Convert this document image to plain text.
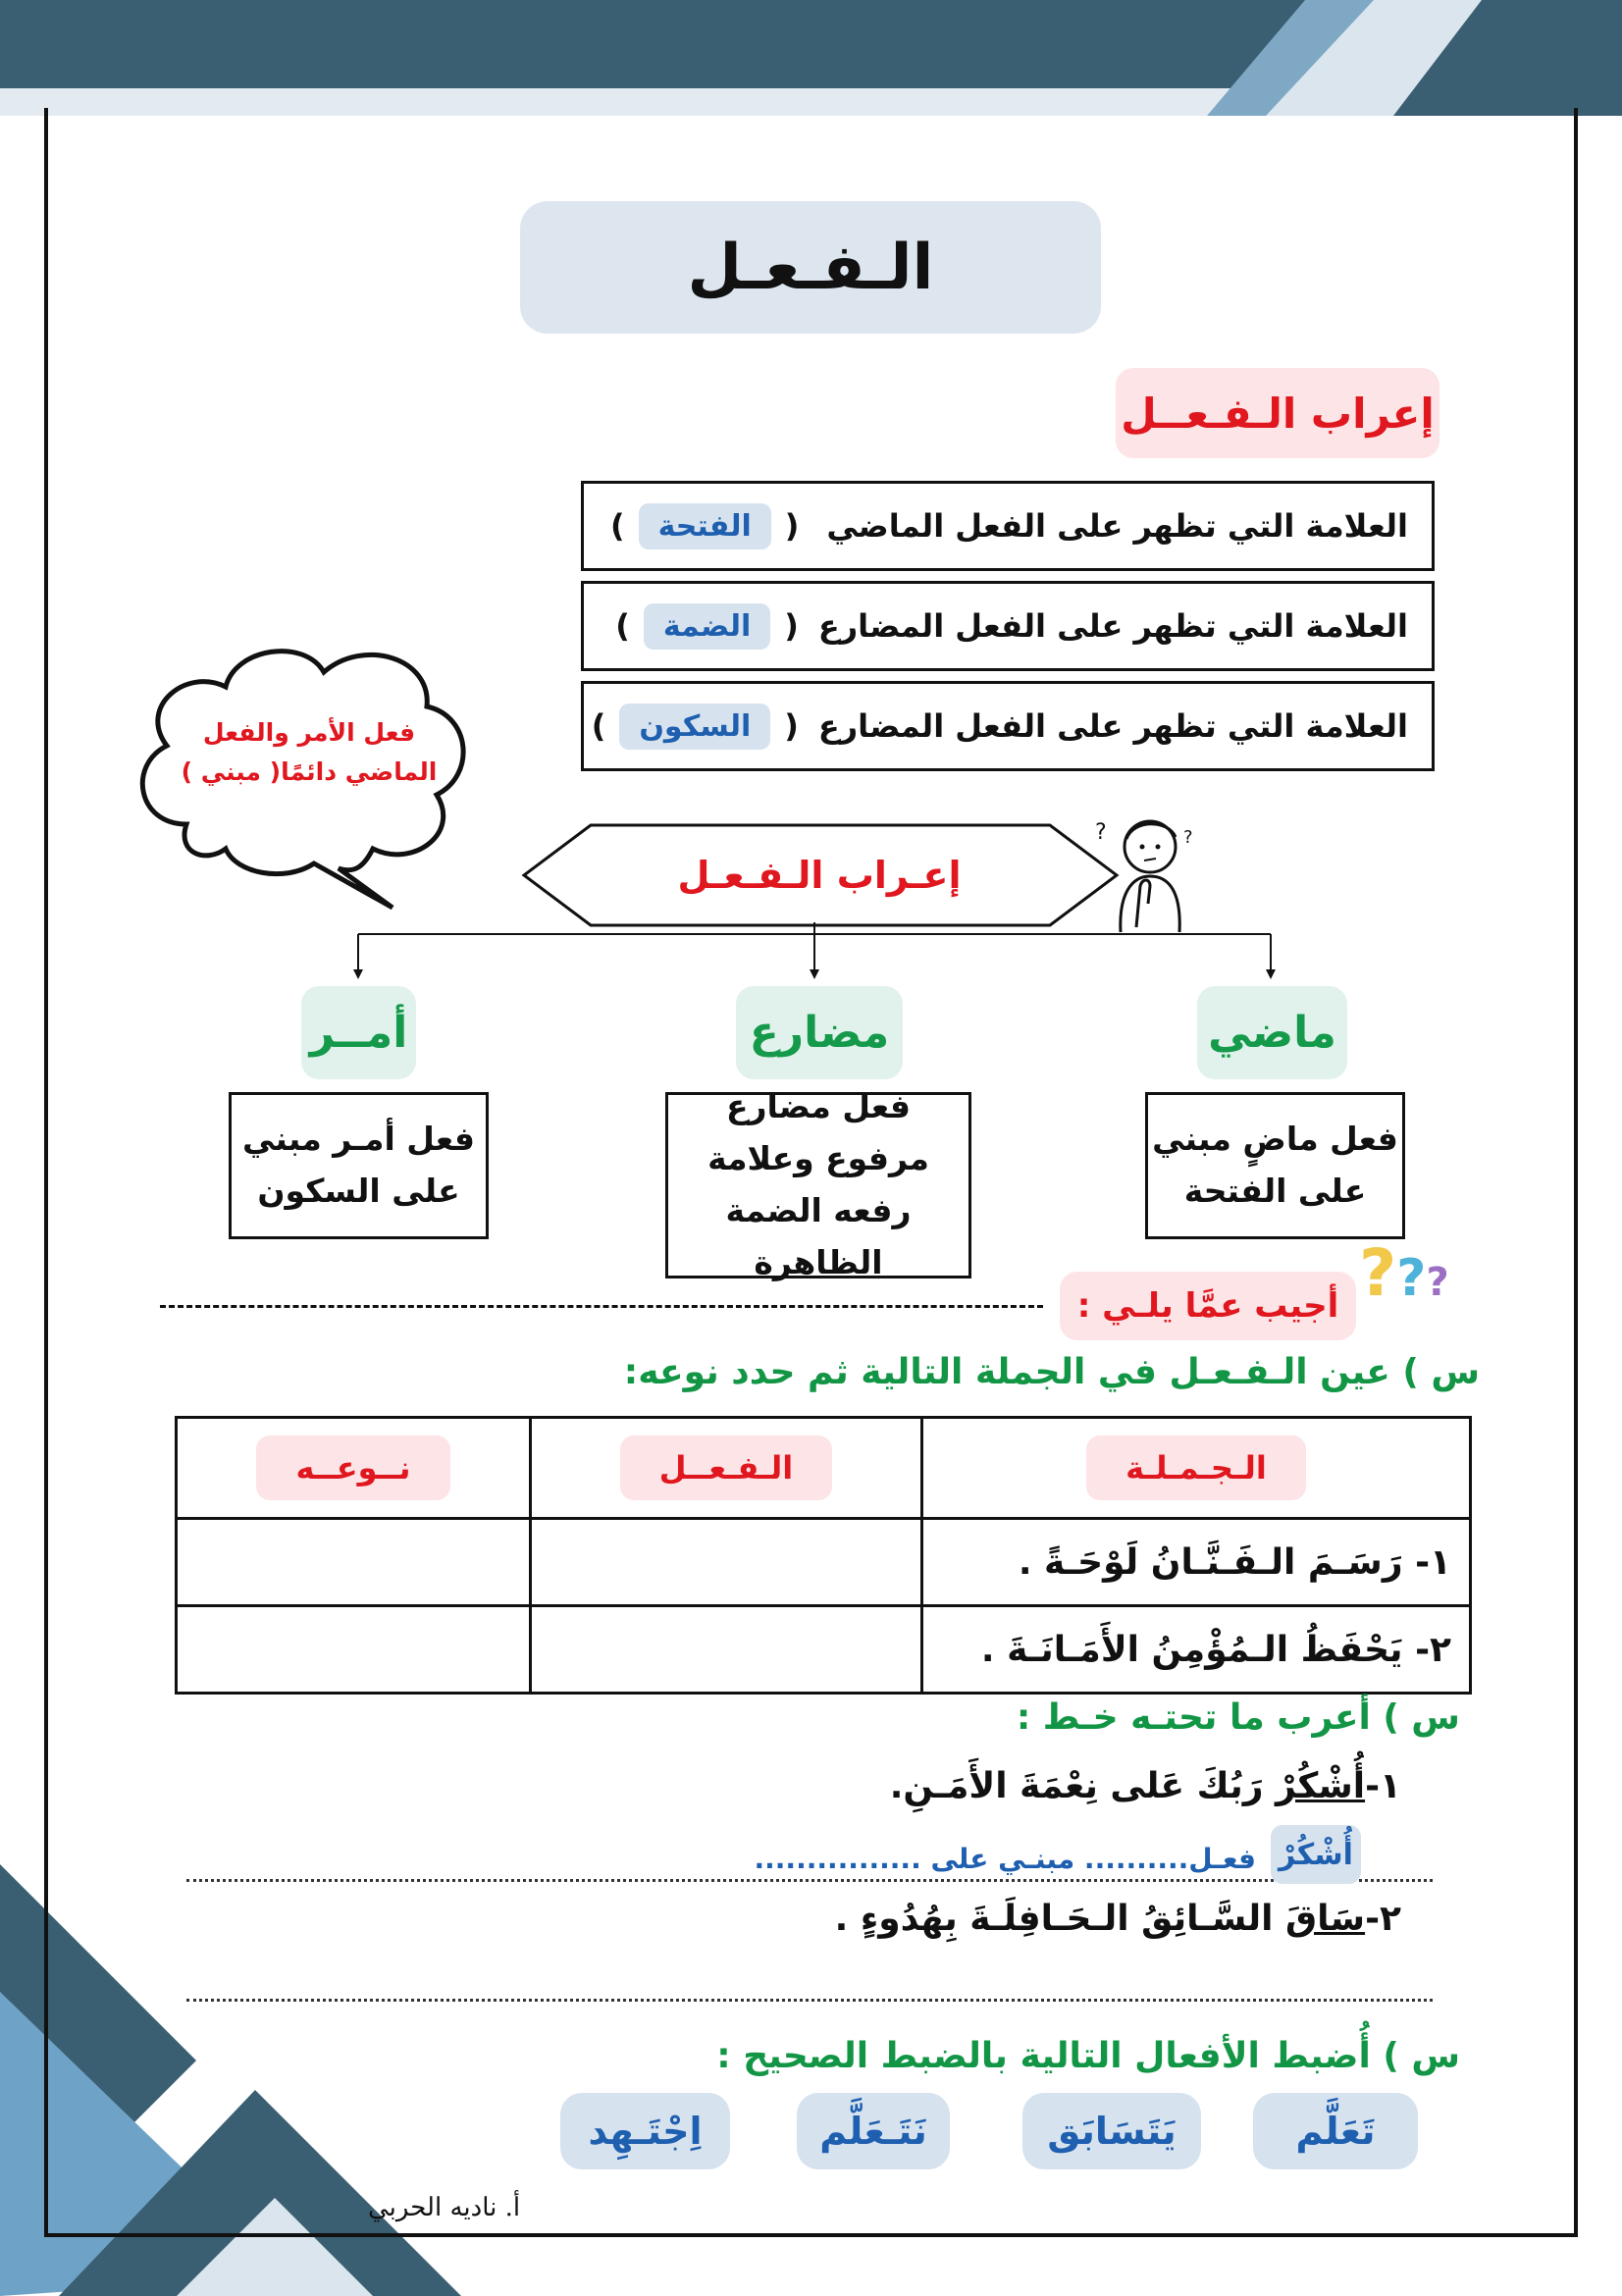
الـفـعـل
إعراب الـفـعــل
العلامة التي تظهر على الفعل الماضي
(
الفتحة
)
العلامة التي تظهر على الفعل المضارع
(
الضمة
)
العلامة التي تظهر على الفعل المضارع
(
السكون
)
فعل الأمر والفعل الماضي دائمًا( مبني )
?	?
إعـراب الـفـعـل
ماضي
مضارع
أمــر
فعل ماضٍ مبني على الفتحة
فعل مضارع مرفوع وعلامة رفعه الضمة الظاهرة
فعل أمـر مبني على السكون
أجيب عمَّا يلـي : ???
س ) عين الـفـعـل في الجملة التالية ثم حدد نوعه:
الـجـمـلـة	الـفـعــل	نــوعــه
١- رَسَـمَ الـفَـنَّـانُ لَوْحَـةً .		
٢- يَحْفَظُ الـمُؤْمِنُ الأَمَـانَـةَ .		
س ) أعرب ما تحتـه خـط :
١-أُشْكُرْ رَبُكَ عَلى نِعْمَةَ الأَمَـنِ.
أُشْكُرْ
فعـل.......... مبنـي على ................
٢-سَاقَ السَّـائِقُ الـحَـافِلَـةَ بِهُدُوءٍ .
س ) أُضبط الأفعال التالية بالضبط الصحيح :
تَعَلَّم
يَتَسَابَق
نَتَـعَلَّم
اِجْتَـهِد
أ. ناديه الحربي
